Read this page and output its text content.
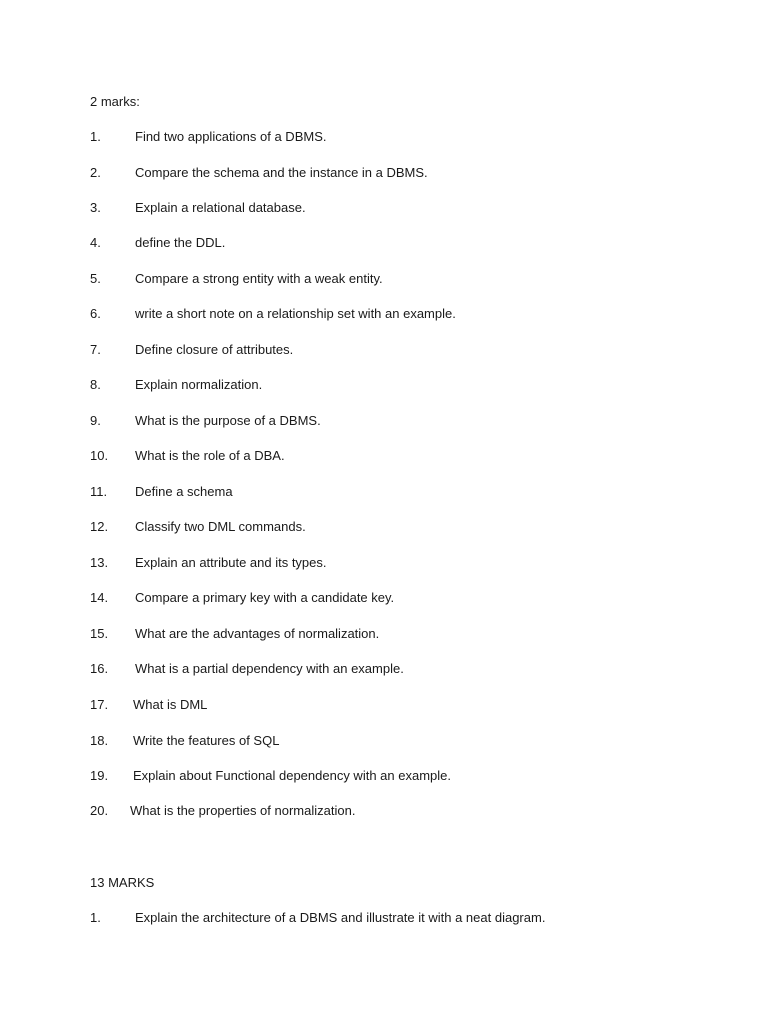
2 marks:
1.	Find two applications of a DBMS.
2.	Compare the schema and the instance in a DBMS.
3.	Explain a relational database.
4.	define the DDL.
5.	Compare a strong entity with a weak entity.
6.	write a short note on a relationship set with an example.
7.	Define closure of attributes.
8.	Explain normalization.
9.	What is the purpose of a DBMS.
10. What is the role of a DBA.
11. Define a schema
12. Classify two DML commands.
13. Explain an attribute and its types.
14. Compare a primary key with a candidate key.
15. What are the advantages of normalization.
16. What is a partial dependency with an example.
17. What is DML
18. Write the features of SQL
19. Explain about Functional dependency with an example.
20. What is the properties of normalization.
13 MARKS
1.	Explain the architecture of a DBMS and illustrate it with a neat diagram.
